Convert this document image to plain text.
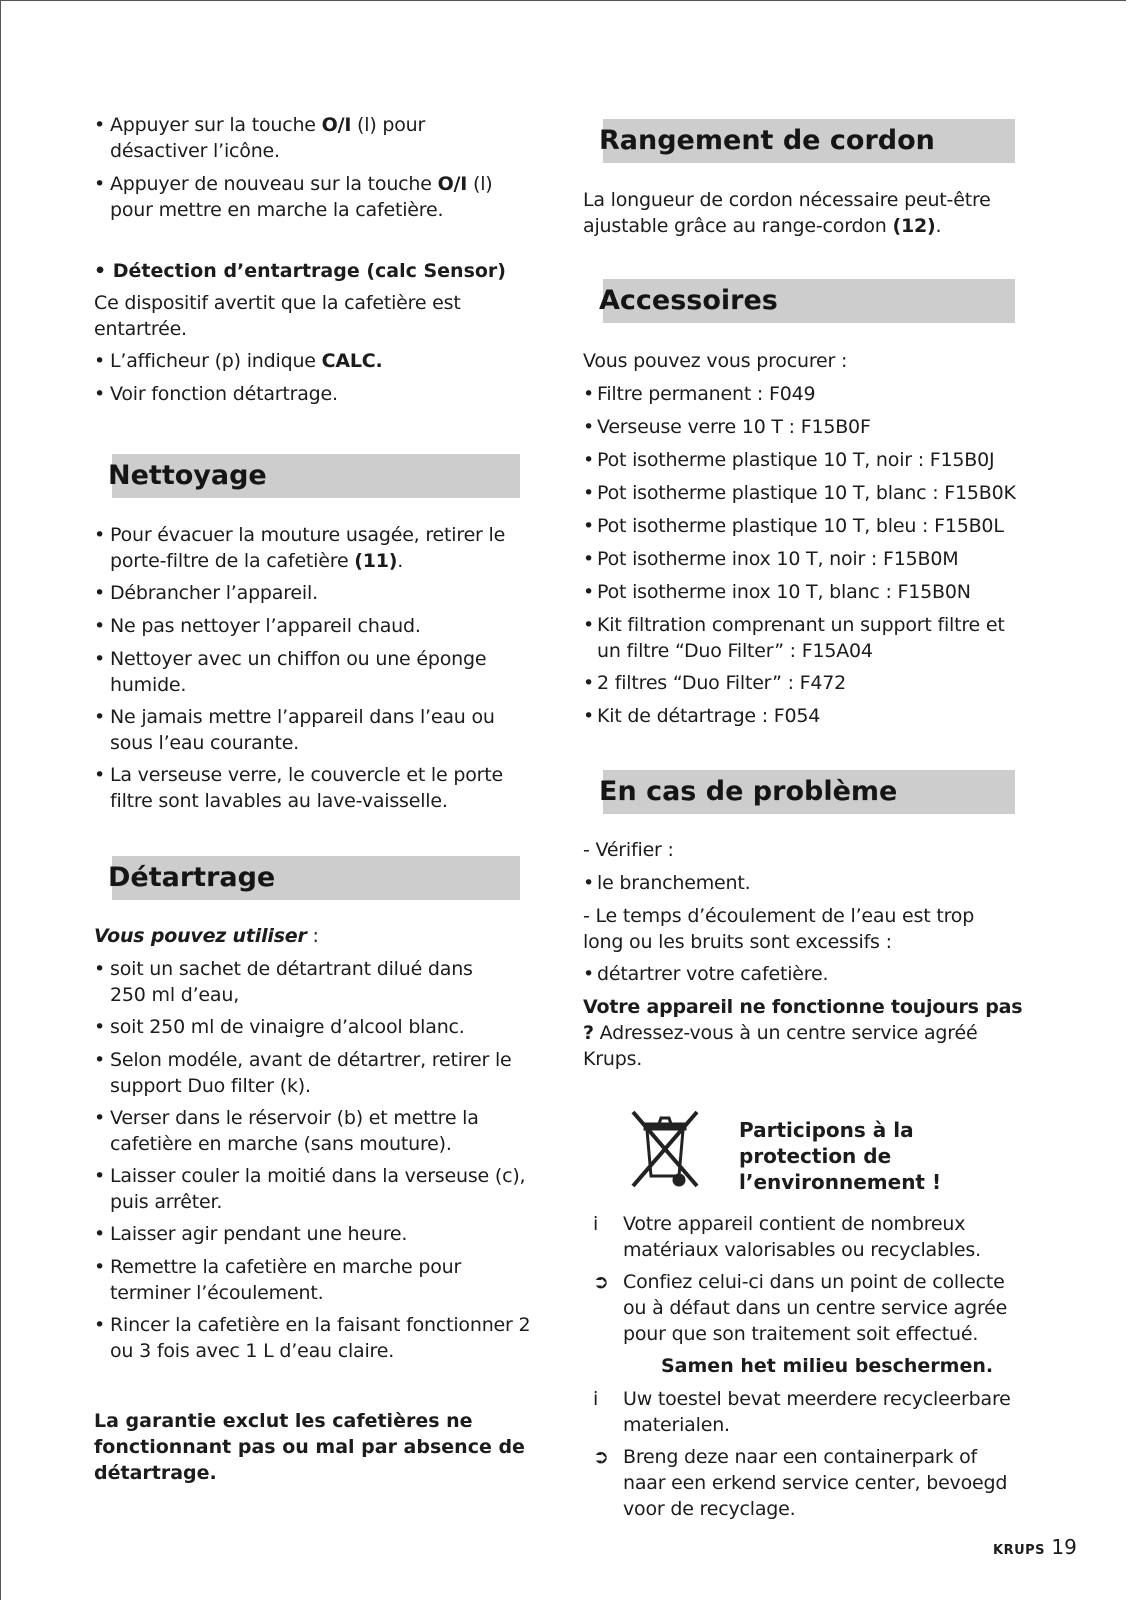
• Appuyer sur la touche O/I (l) pour désactiver l’icône.
• Appuyer de nouveau sur la touche O/I (l) pour mettre en marche la cafetière.
• Détection d’entartrage (calc Sensor)
Ce dispositif avertit que la cafetière est entartrée.
• L’afficheur (p) indique CALC.
• Voir fonction détartrage.
Nettoyage
• Pour évacuer la mouture usagée, retirer le porte-filtre de la cafetière (11).
• Débrancher l’appareil.
• Ne pas nettoyer l’appareil chaud.
• Nettoyer avec un chiffon ou une éponge humide.
• Ne jamais mettre l’appareil dans l’eau ou sous l’eau courante.
• La verseuse verre, le couvercle et le porte filtre sont lavables au lave-vaisselle.
Détartrage
Vous pouvez utiliser :
• soit un sachet de détartrant dilué dans 250 ml d’eau,
• soit 250 ml de vinaigre d’alcool blanc.
• Selon modéle, avant de détartrer, retirer le support Duo filter (k).
• Verser dans le réservoir (b) et mettre la cafetière en marche (sans mouture).
• Laisser couler la moitié dans la verseuse (c), puis arrêter.
• Laisser agir pendant une heure.
• Remettre la cafetière en marche pour terminer l’écoulement.
• Rincer la cafetière en la faisant fonctionner 2 ou 3 fois avec 1 L d’eau claire.
La garantie exclut les cafetières ne fonctionnant pas ou mal par absence de détartrage.
Rangement de cordon
La longueur de cordon nécessaire peut-être ajustable grâce au range-cordon (12).
Accessoires
Vous pouvez vous procurer :
• Filtre permanent : F049
• Verseuse verre 10 T : F15B0F
• Pot isotherme plastique 10 T, noir : F15B0J
• Pot isotherme plastique 10 T, blanc : F15B0K
• Pot isotherme plastique 10 T, bleu : F15B0L
• Pot isotherme inox 10 T, noir : F15B0M
• Pot isotherme inox 10 T, blanc : F15B0N
• Kit filtration comprenant un support filtre et un filtre “Duo Filter” : F15A04
• 2 filtres “Duo Filter” : F472
• Kit de détartrage : F054
En cas de problème
- Vérifier :
• le branchement.
- Le temps d’écoulement de l’eau est trop long ou les bruits sont excessifs :
• détartrer votre cafetière.
Votre appareil ne fonctionne toujours pas ? Adressez-vous à un centre service agréé Krups.
Participons à la protection de l’environnement !
i Votre appareil contient de nombreux matériaux valorisables ou recyclables.
➲ Confiez celui-ci dans un point de collecte ou à défaut dans un centre service agrée pour que son traitement soit effectué.
Samen het milieu beschermen.
i Uw toestel bevat meerdere recycleerbare materialen.
➲ Breng deze naar een containerpark of naar een erkend service center, bevoegd voor de recyclage.
KRUPS 19
